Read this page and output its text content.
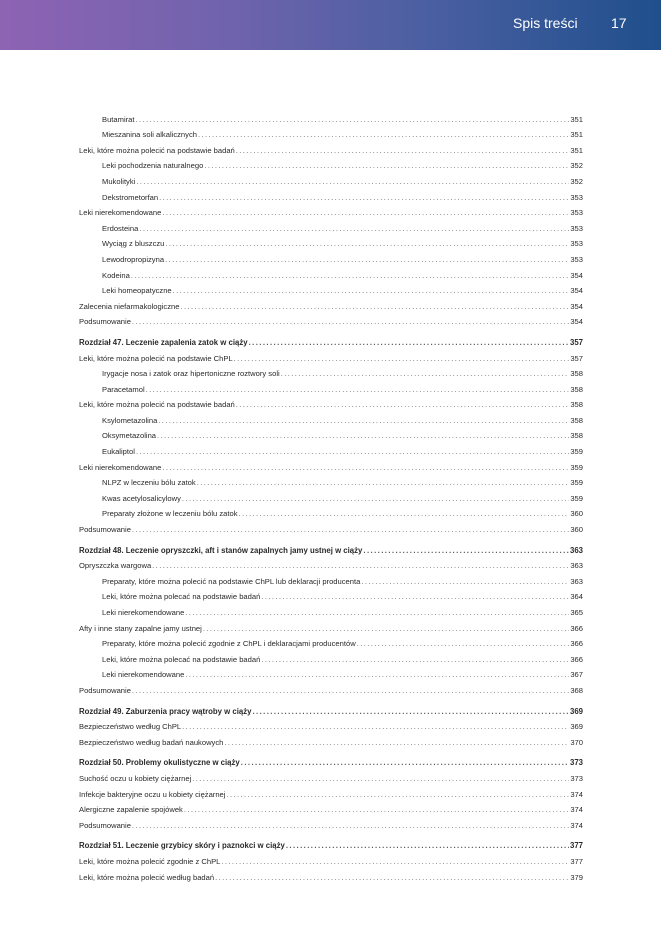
Spis treści 17
Butamirat .....	351
Mieszanina soli alkalicznych .....	351
Leki, które można polecić na podstawie badań .....	351
Leki pochodzenia naturalnego .....	352
Mukolityki .....	352
Dekstrometorfan .....	353
Leki nierekomendowane .....	353
Erdosteina .....	353
Wyciąg z bluszczu .....	353
Lewodropropizyna .....	353
Kodeina .....	354
Leki homeopatyczne .....	354
Zalecenia niefarmakologiczne .....	354
Podsumowanie .....	354
Rozdział 47. Leczenie zapalenia zatok w ciąży .....	357
Leki, które można polecić na podstawie ChPL .....	357
Irygacje nosa i zatok oraz hipertoniczne roztwory soli .....	358
Paracetamol .....	358
Leki, które można polecić na podstawie badań .....	358
Ksylometazolina .....	358
Oksymetazolina .....	358
Eukaliptol .....	359
Leki nierekomendowane .....	359
NLPZ w leczeniu bólu zatok .....	359
Kwas acetylosalicylowy .....	359
Preparaty złożone w leczeniu bólu zatok .....	360
Podsumowanie .....	360
Rozdział 48. Leczenie opryszczki, aft i stanów zapalnych jamy ustnej w ciąży .....	363
Opryszczka wargowa .....	363
Preparaty, które można polecić na podstawie ChPL lub deklaracji producenta .....	363
Leki, które można polecać na podstawie badań .....	364
Leki nierekomendowane .....	365
Afty i inne stany zapalne jamy ustnej .....	366
Preparaty, które można polecić zgodnie z ChPL i deklaracjami producentów .....	366
Leki, które można polecać na podstawie badań .....	366
Leki nierekomendowane .....	367
Podsumowanie .....	368
Rozdział 49. Zaburzenia pracy wątroby w ciąży .....	369
Bezpieczeństwo według ChPL .....	369
Bezpieczeństwo według badań naukowych .....	370
Rozdział 50. Problemy okulistyczne w ciąży .....	373
Suchość oczu u kobiety ciężarnej .....	373
Infekcje bakteryjne oczu u kobiety ciężarnej .....	374
Alergiczne zapalenie spojówek .....	374
Podsumowanie .....	374
Rozdział 51. Leczenie grzybicy skóry i paznokci w ciąży .....	377
Leki, które można polecić zgodnie z ChPL .....	377
Leki, które można polecić według badań .....	379
